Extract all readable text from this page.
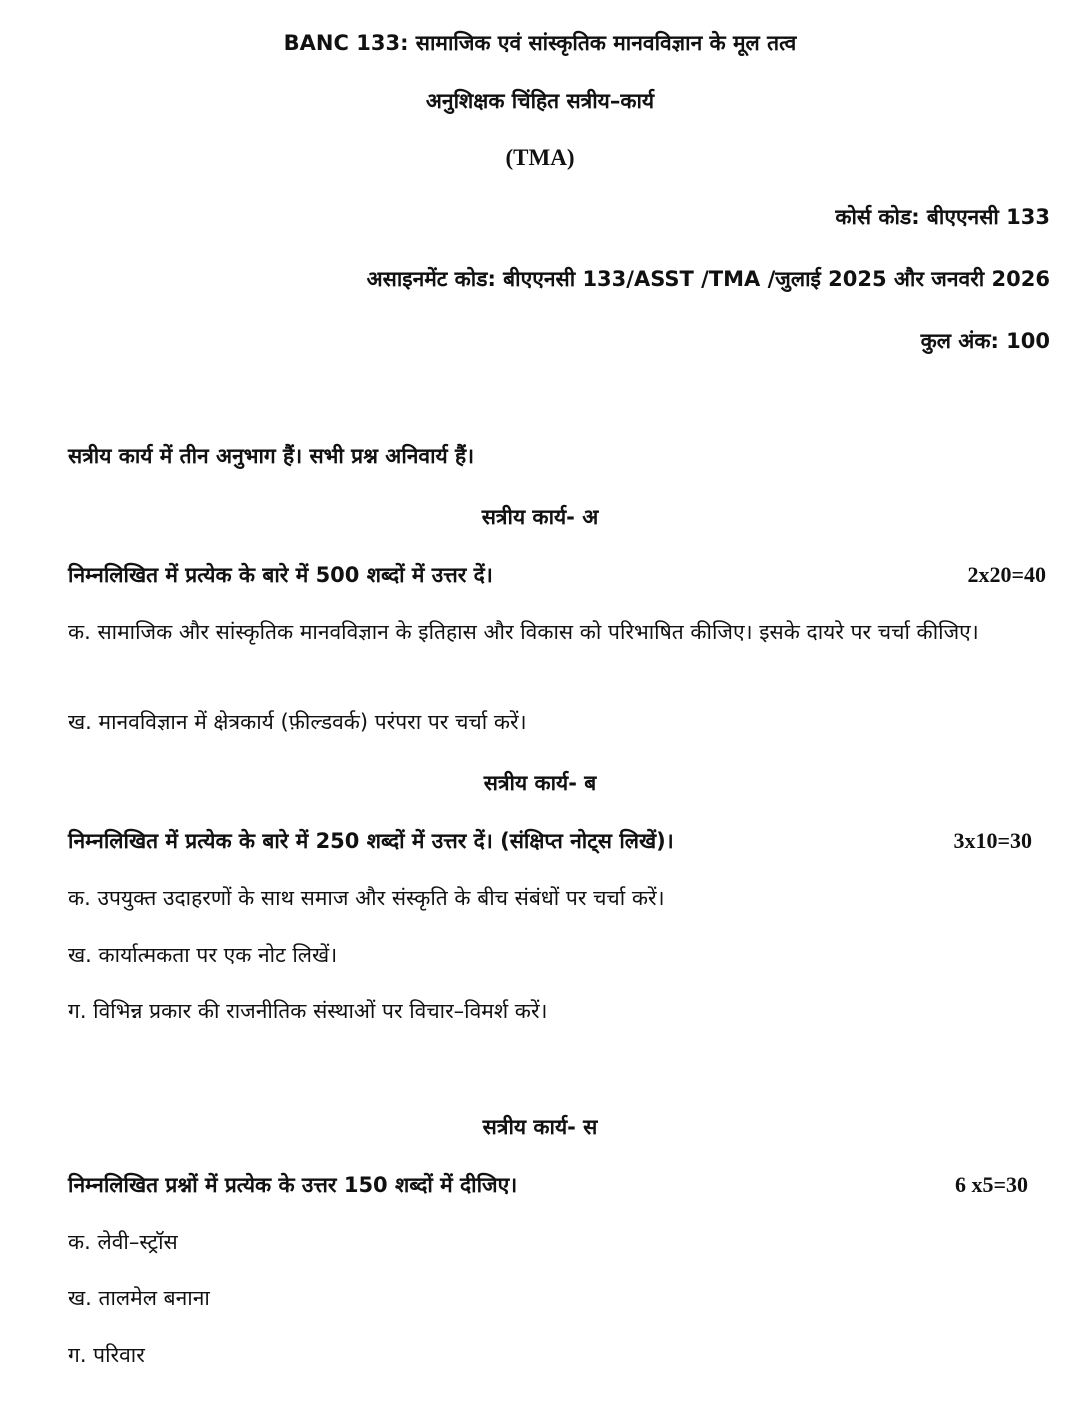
BANC 133: सामाजिक एवं सांस्कृतिक मानवविज्ञान के मूल तत्व
अनुशिक्षक चिंहित सत्रीय–कार्य
(TMA)
कोर्स कोड: बीएएनसी 133
असाइनमेंट कोड: बीएएनसी 133/ASST /TMA /जुलाई 2025 और जनवरी 2026
कुल अंक: 100
सत्रीय कार्य में तीन अनुभाग हैं। सभी प्रश्न अनिवार्य हैं।
सत्रीय कार्य- अ
निम्नलिखित में प्रत्येक के बारे में 500 शब्दों में उत्तर दें।	2x20=40
क. सामाजिक और सांस्कृतिक मानवविज्ञान के इतिहास और विकास को परिभाषित कीजिए। इसके दायरे पर चर्चा कीजिए।
ख. मानवविज्ञान में क्षेत्रकार्य (फ़ील्डवर्क) परंपरा पर चर्चा करें।
सत्रीय कार्य- ब
निम्नलिखित में प्रत्येक के बारे में 250 शब्दों में उत्तर दें। (संक्षिप्त नोट्स लिखें)।	3x10=30
क. उपयुक्त उदाहरणों के साथ समाज और संस्कृति के बीच संबंधों पर चर्चा करें।
ख. कार्यात्मकता पर एक नोट लिखें।
ग. विभिन्न प्रकार की राजनीतिक संस्थाओं पर विचार–विमर्श करें।
सत्रीय कार्य- स
निम्नलिखित प्रश्नों में प्रत्येक के उत्तर 150 शब्दों में दीजिए।	6 x5=30
क. लेवी–स्ट्रॉस
ख. तालमेल बनाना
ग. परिवार
